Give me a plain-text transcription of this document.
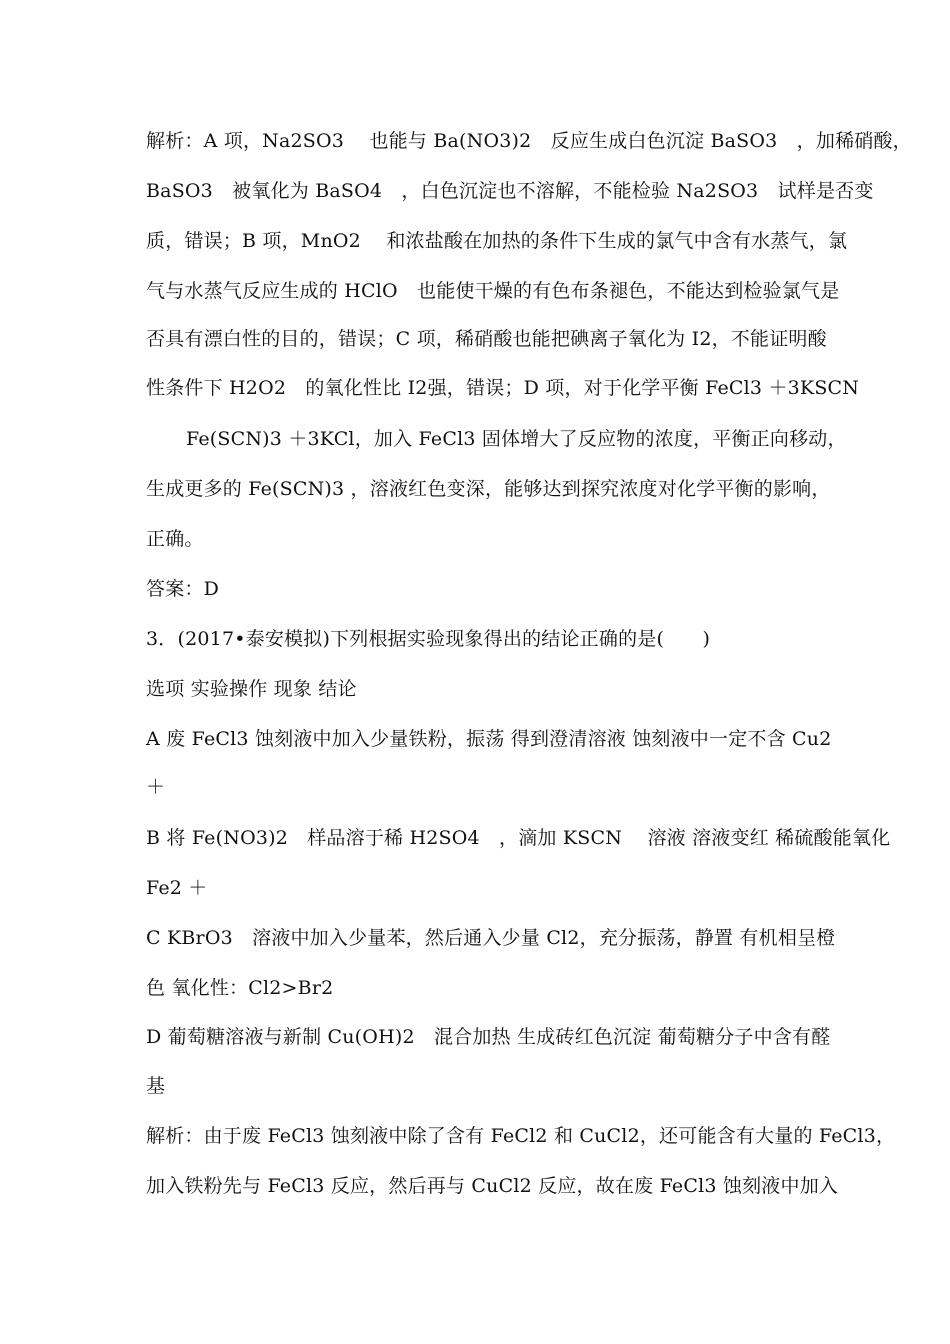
解析：A 项，Na2SO3　 也能与 Ba(NO3)2　反应生成白色沉淀 BaSO3　，加稀硝酸，
BaSO3　被氧化为 BaSO4　，白色沉淀也不溶解，不能检验 Na2SO3　试样是否变
质，错误；B 项，MnO2　 和浓盐酸在加热的条件下生成的氯气中含有水蒸气，氯
气与水蒸气反应生成的 HClO　也能使干燥的有色布条褪色，不能达到检验氯气是
否具有漂白性的目的，错误；C 项，稀硝酸也能把碘离子氧化为 I2，不能证明酸
性条件下 H2O2　的氧化性比 I2强，错误；D 项，对于化学平衡 FeCl3 ＋3KSCN
Fe(SCN)3 ＋3KCl，加入 FeCl3 固体增大了反应物的浓度，平衡正向移动，
生成更多的 Fe(SCN)3 ，溶液红色变深，能够达到探究浓度对化学平衡的影响，
正确。
答案：D
3．(2017•泰安模拟)下列根据实验现象得出的结论正确的是(　　)
选项 实验操作 现象 结论
A 废 FeCl3 蚀刻液中加入少量铁粉，振荡 得到澄清溶液 蚀刻液中一定不含 Cu2
＋
B 将 Fe(NO3)2　样品溶于稀 H2SO4　，滴加 KSCN　 溶液 溶液变红 稀硫酸能氧化
Fe2 ＋
C KBrO3　溶液中加入少量苯，然后通入少量 Cl2，充分振荡，静置 有机相呈橙
色 氧化性：Cl2>Br2
D 葡萄糖溶液与新制 Cu(OH)2　混合加热 生成砖红色沉淀 葡萄糖分子中含有醛
基
解析：由于废 FeCl3 蚀刻液中除了含有 FeCl2 和 CuCl2，还可能含有大量的 FeCl3，
加入铁粉先与 FeCl3 反应，然后再与 CuCl2 反应，故在废 FeCl3 蚀刻液中加入
